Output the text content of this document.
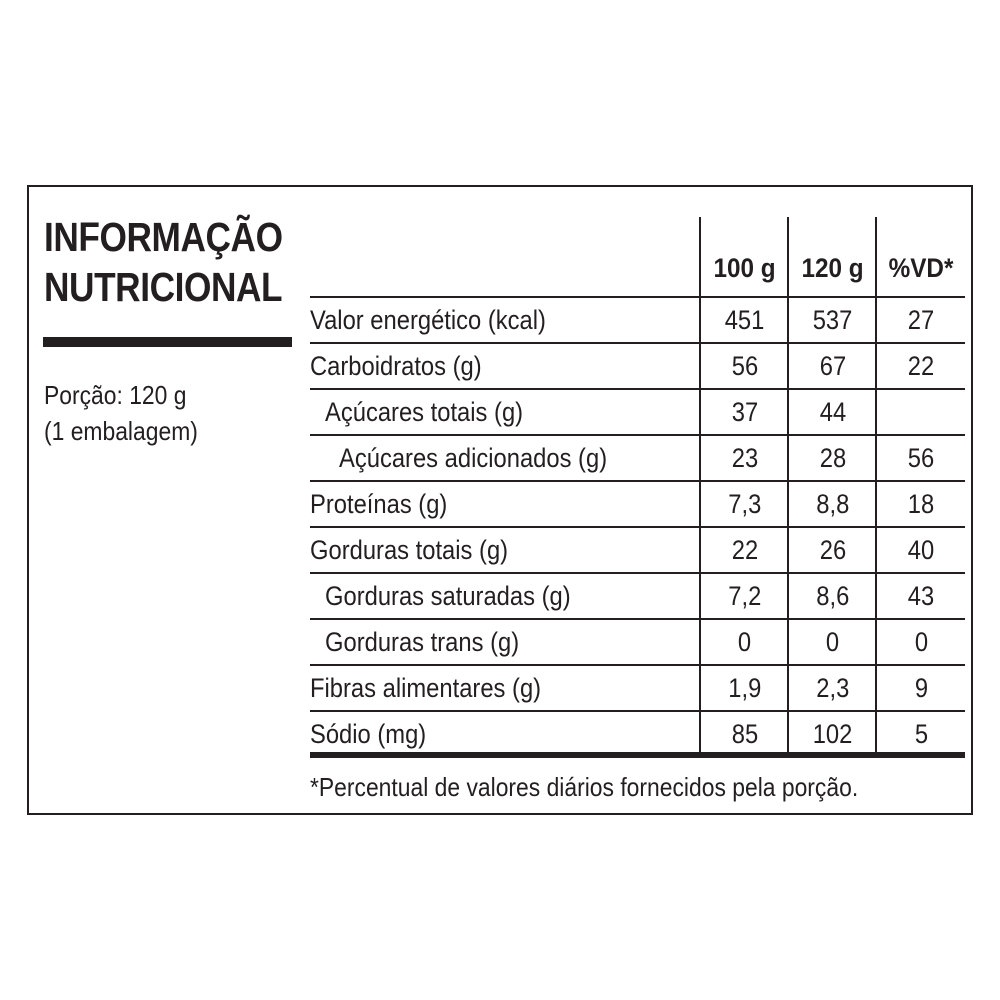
INFORMAÇÃO
NUTRICIONAL
Porção: 120 g
(1 embalagem)
100 g 120 g %VD*
Valor energético (kcal)	451	537	27
Carboidratos (g)	56	67	22
Açúcares totais (g)	37	44
Açúcares adicionados (g)	23	28	56
Proteínas (g)	7,3	8,8	18
Gorduras totais (g)	22	26	40
Gorduras saturadas (g)	7,2	8,6	43
Gorduras trans (g)	0	0	0
Fibras alimentares (g)	1,9	2,3	9
Sódio (mg)	85	102	5
*Percentual de valores diários fornecidos pela porção.
